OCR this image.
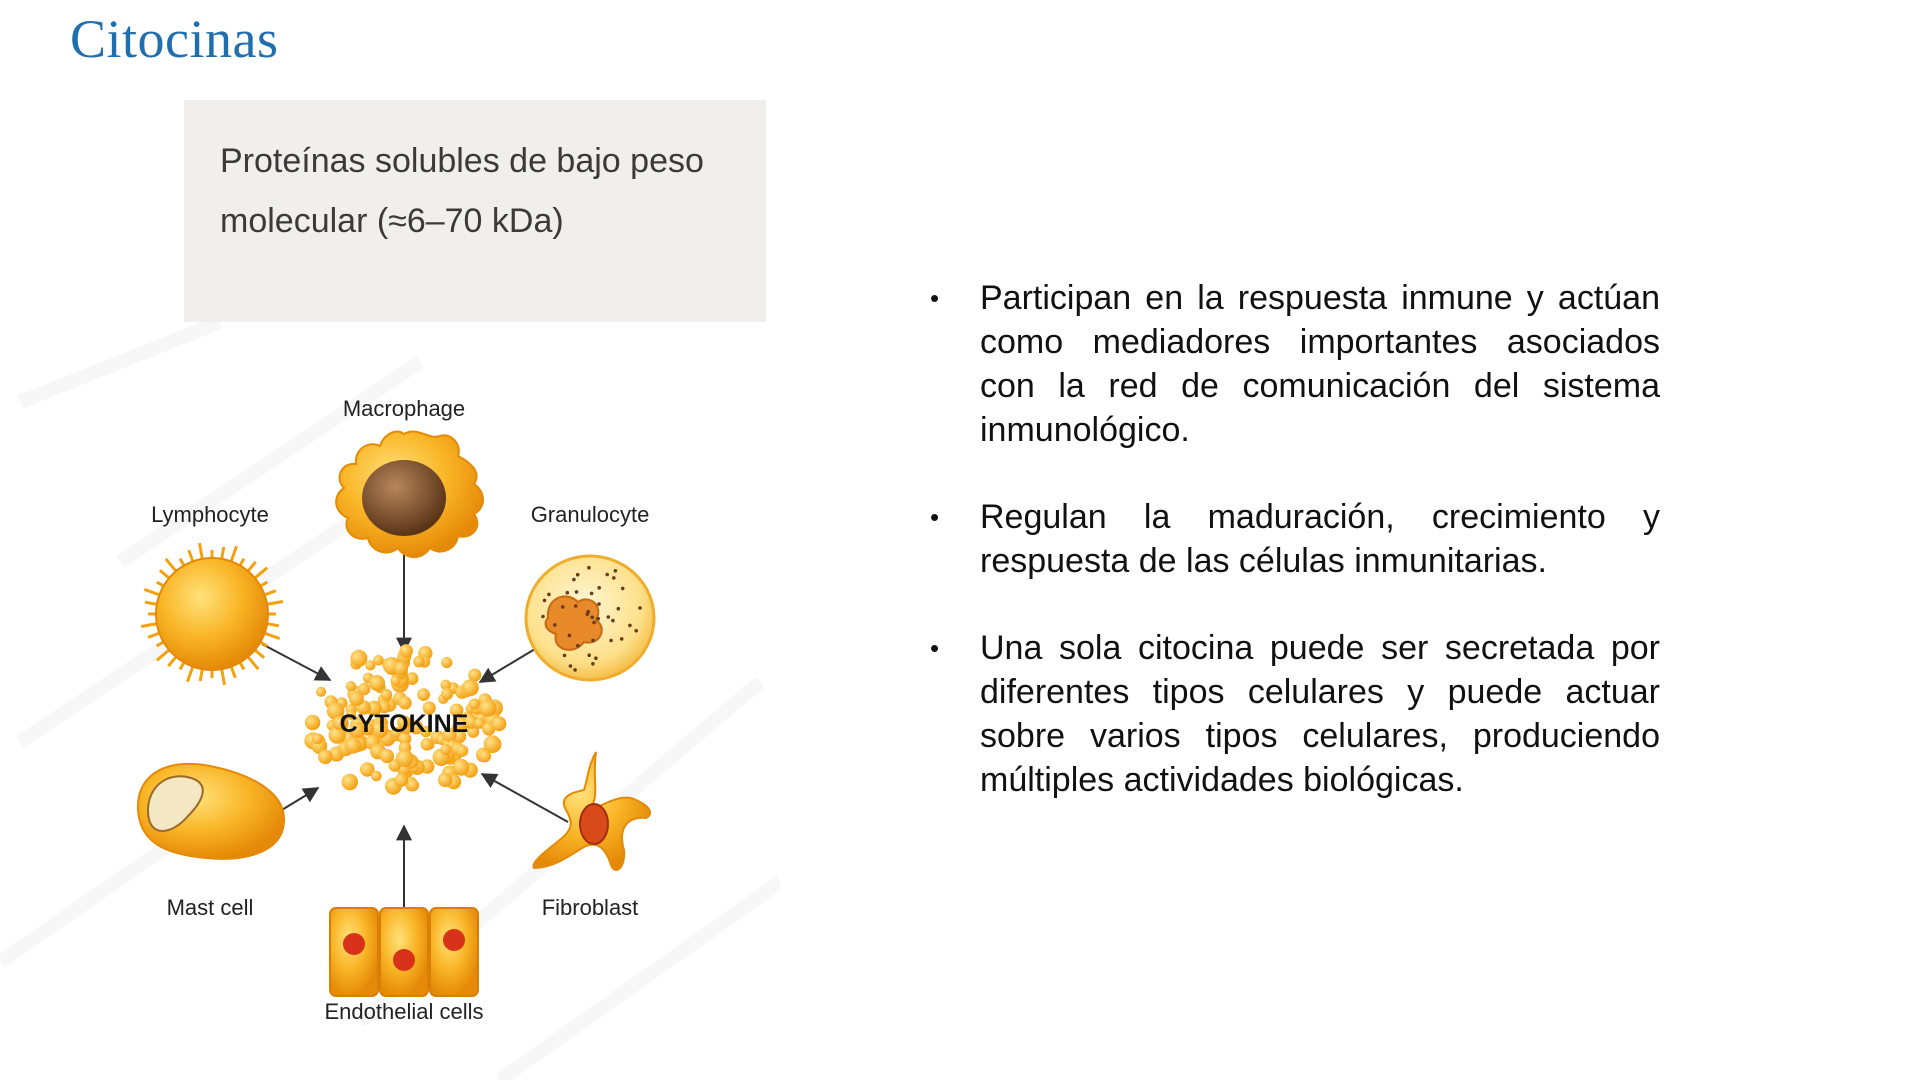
Citocinas
Proteínas solubles de bajo peso molecular (≈6–70 kDa)
•	Participan en la respuesta inmune y actúan como mediadores importantes asociados con la red de comunicación del sistema inmunológico.
•	Regulan la maduración, crecimiento y respuesta de las células inmunitarias.
•	Una sola citocina puede ser secretada por diferentes tipos celulares y puede actuar sobre varios tipos celulares, produciendo múltiples actividades biológicas.
CYTOKINE
Macrophage
Lymphocyte	Granulocyte
Mast cell	Fibroblast
Endothelial cells
